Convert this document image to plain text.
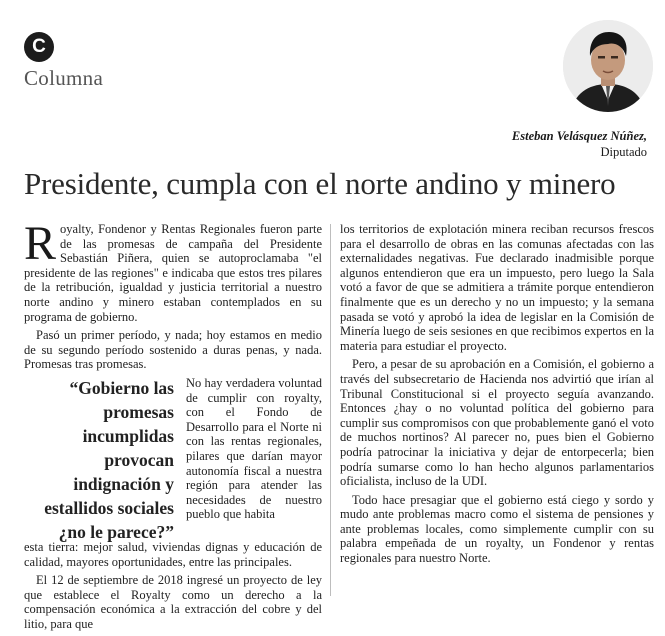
C
Columna
Esteban Velásquez Núñez,
Diputado
Presidente, cumpla con el norte andino y minero

Royalty, Fondenor y Rentas Regionales fueron parte de las promesas de campaña del Presidente Sebastián Piñera, quien se autoproclamaba "el presidente de las regiones" e indicaba que estos tres pilares de la retribución, igualdad y justicia territorial a nuestro norte andino y minero estaban contemplados en su programa de gobierno.

Pasó un primer período, y nada; hoy estamos en medio de su segundo período sostenido a duras penas, y nada. Promesas tras promesas.

“Gobierno las promesas incumplidas provocan indignación y estallidos sociales ¿no le parece?”
No hay verdadera voluntad de cumplir con royalty, con el Fondo de Desarrollo para el Norte ni con las rentas regionales, pilares que darían mayor autonomía fiscal a nuestra región para atender las necesidades de nuestro pueblo que habita

esta tierra: mejor salud, viviendas dignas y educación de calidad, mayores oportunidades, entre las principales.

El 12 de septiembre de 2018 ingresé un proyecto de ley que establece el Royalty como un derecho a la compensación económica a la extracción del cobre y del litio, para que

los territorios de explotación minera reciban recursos frescos para el desarrollo de obras en las comunas afectadas con las externalidades negativas. Fue declarado inadmisible porque algunos entendieron que era un impuesto, pero luego la Sala votó a favor de que se admitiera a trámite porque entendieron finalmente que es un derecho y no un impuesto; y la semana pasada se votó y aprobó la idea de legislar en la Comisión de Minería luego de seis sesiones en que recibimos expertos en la materia para estudiar el proyecto.

Pero, a pesar de su aprobación en a Comisión, el gobierno a través del subsecretario de Hacienda nos advirtió que irían al Tribunal Constitucional si el proyecto seguía avanzando. Entonces ¿hay o no voluntad política del gobierno para cumplir sus compromisos con que probablemente ganó el voto de muchos nortinos? Al parecer no, pues bien el Gobierno podría patrocinar la iniciativa y dejar de entorpecerla; bien podría sumarse como lo han hecho algunos parlamentarios oficialista, incluso de la UDI.

Todo hace presagiar que el gobierno está ciego y sordo y mudo ante problemas macro como el sistema de pensiones y ante problemas locales, como simplemente cumplir con su palabra empeñada de un royalty, un Fondenor y rentas regionales para nuestro Norte.
